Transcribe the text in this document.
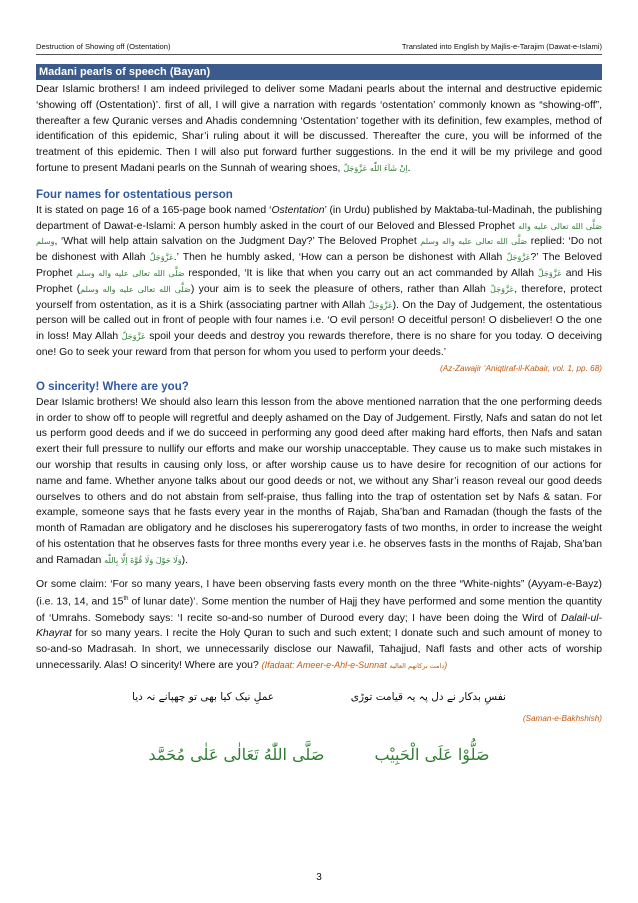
Destruction of Showing off (Ostentation)	Translated into English by Majlis-e-Tarajim (Dawat-e-Islami)
Madani pearls of speech (Bayan)

Dear Islamic brothers! I am indeed privileged to deliver some Madani pearls about the internal and destructive epidemic ‘showing off (Ostentation)’. first of all, I will give a narration with regards ‘ostentation’ commonly known as “showing-off”, thereafter a few Quranic verses and Ahadis condemning ‘Ostentation’ together with its definition, few examples, method of identification of this epidemic, Shar’i ruling about it will be discussed. Thereafter the cure, you will be informed of the treatment of this epidemic. Then I will also put forward further suggestions. In the end it will be my privilege and good fortune to present Madani pearls on the Sunnah of wearing shoes, اِنْ شَآءَ اللّٰه عَزَّوَجَلّ.

Four names for ostentatious person

It is stated on page 16 of a 165-page book named ‘Ostentation’ (in Urdu) published by Maktaba-tul-Madinah, the publishing department of Dawat-e-Islami: A person humbly asked in the court of our Beloved and Blessed Prophet صَلَّى الله تعالى عليه واله وسلم, ‘What will help attain salvation on the Judgment Day?’ The Beloved Prophet صَلَّى الله تعالى عليه واله وسلم replied: ‘Do not be dishonest with Allah عَزَّوَجَلّ.’ Then he humbly asked, ‘How can a person be dishonest with Allah عَزَّوَجَلّ?’ The Beloved Prophet صَلَّى الله تعالى عليه واله وسلم responded, ‘It is like that when you carry out an act commanded by Allah عَزَّوَجَلّ and His Prophet (صَلَّى الله تعالى عليه واله وسلم) your aim is to seek the pleasure of others, rather than Allah عَزَّوَجَلّ, therefore, protect yourself from ostentation, as it is a Shirk (associating partner with Allah عَزَّوَجَلّ). On the Day of Judgement, the ostentatious person will be called out in front of people with four names i.e. ‘O evil person! O deceitful person! O disbeliever! O the one in loss! May Allah عَزَّوَجَلّ spoil your deeds and destroy you rewards therefore, there is no share for you today. O deceiving one! Go to seek your reward from that person for whom you used to perform your deeds.’

(Az-Zawajir ‘Aniqtiraf-il-Kabair, vol. 1, pp. 68)
O sincerity! Where are you?

Dear Islamic brothers! We should also learn this lesson from the above mentioned narration that the one performing deeds in order to show off to people will regretful and deeply ashamed on the Day of Judgement. Firstly, Nafs and satan do not let us perform good deeds and if we do succeed in performing any good deed after making hard efforts, then Nafs and satan exert their full pressure to nullify our efforts and make our worship unacceptable. They cause us to make such mistakes in our worship that results in causing only loss, or after worship cause us to have desire for recognition of our actions for name and fame. Whether anyone talks about our good deeds or not, we without any Shar’i reason reveal our good deeds ourselves to others and do not abstain from self-praise, thus falling into the trap of ostentation set by Nafs & satan. For example, someone says that he fasts every year in the months of Rajab, Sha’ban and Ramadan (though the fasts of the month of Ramadan are obligatory and he discloses his supererogatory fasts of two months, in order to increase the weight of his ostentation that he observes fasts for three months every year i.e. he observes fasts in the months of Rajab, Sha’ban and Ramadan وَلَا حَوْلَ وَلَا قُوَّةَ اِلَّا بِاللّٰه).

Or some claim: ‘For so many years, I have been observing fasts every month on the three “White-nights” (Ayyam-e-Bayz) (i.e. 13, 14, and 15th of lunar date)’. Some mention the number of Hajj they have performed and some mention the quantity of ‘Umrahs. Somebody says: ‘I recite so-and-so number of Durood every day; I have been doing the Wird of Dalail-ul-Khayrat for so many years. I recite the Holy Quran to such and such extent; I donate such and such amount of money to so-and-so Madrasah. In short, we unnecessarily disclose our Nawafil, Tahajjud, Nafl fasts and other acts of worship unnecessarily. Alas! O sincerity! Where are you? (Ifadaat: Ameer-e-Ahl-e-Sunnat دامت بركاتهم العاليه)

نفسِ بدکار نے دل پہ یہ قیامت توڑی  عملِ نیک کیا بھی تو چھپانے نہ دیا
(Saman-e-Bakhshish)
صَلُّوْا عَلَى الْحَبِيْب  صَلَّى اللّٰهُ تَعَالٰى عَلٰى مُحَمَّد
3
